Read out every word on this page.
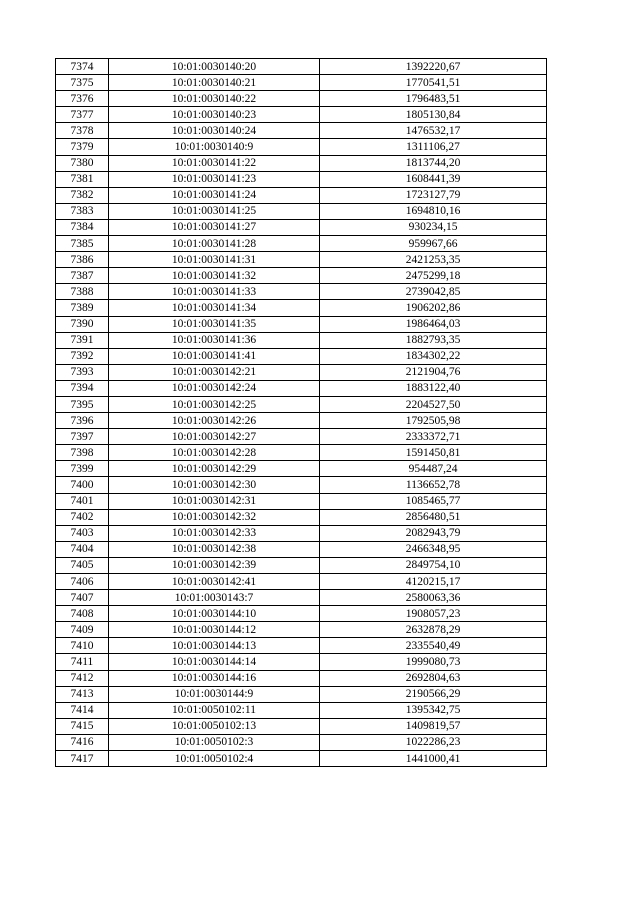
7374	10:01:0030140:20	1392220,67
7375	10:01:0030140:21	1770541,51
7376	10:01:0030140:22	1796483,51
7377	10:01:0030140:23	1805130,84
7378	10:01:0030140:24	1476532,17
7379	10:01:0030140:9	1311106,27
7380	10:01:0030141:22	1813744,20
7381	10:01:0030141:23	1608441,39
7382	10:01:0030141:24	1723127,79
7383	10:01:0030141:25	1694810,16
7384	10:01:0030141:27	930234,15
7385	10:01:0030141:28	959967,66
7386	10:01:0030141:31	2421253,35
7387	10:01:0030141:32	2475299,18
7388	10:01:0030141:33	2739042,85
7389	10:01:0030141:34	1906202,86
7390	10:01:0030141:35	1986464,03
7391	10:01:0030141:36	1882793,35
7392	10:01:0030141:41	1834302,22
7393	10:01:0030142:21	2121904,76
7394	10:01:0030142:24	1883122,40
7395	10:01:0030142:25	2204527,50
7396	10:01:0030142:26	1792505,98
7397	10:01:0030142:27	2333372,71
7398	10:01:0030142:28	1591450,81
7399	10:01:0030142:29	954487,24
7400	10:01:0030142:30	1136652,78
7401	10:01:0030142:31	1085465,77
7402	10:01:0030142:32	2856480,51
7403	10:01:0030142:33	2082943,79
7404	10:01:0030142:38	2466348,95
7405	10:01:0030142:39	2849754,10
7406	10:01:0030142:41	4120215,17
7407	10:01:0030143:7	2580063,36
7408	10:01:0030144:10	1908057,23
7409	10:01:0030144:12	2632878,29
7410	10:01:0030144:13	2335540,49
7411	10:01:0030144:14	1999080,73
7412	10:01:0030144:16	2692804,63
7413	10:01:0030144:9	2190566,29
7414	10:01:0050102:11	1395342,75
7415	10:01:0050102:13	1409819,57
7416	10:01:0050102:3	1022286,23
7417	10:01:0050102:4	1441000,41
